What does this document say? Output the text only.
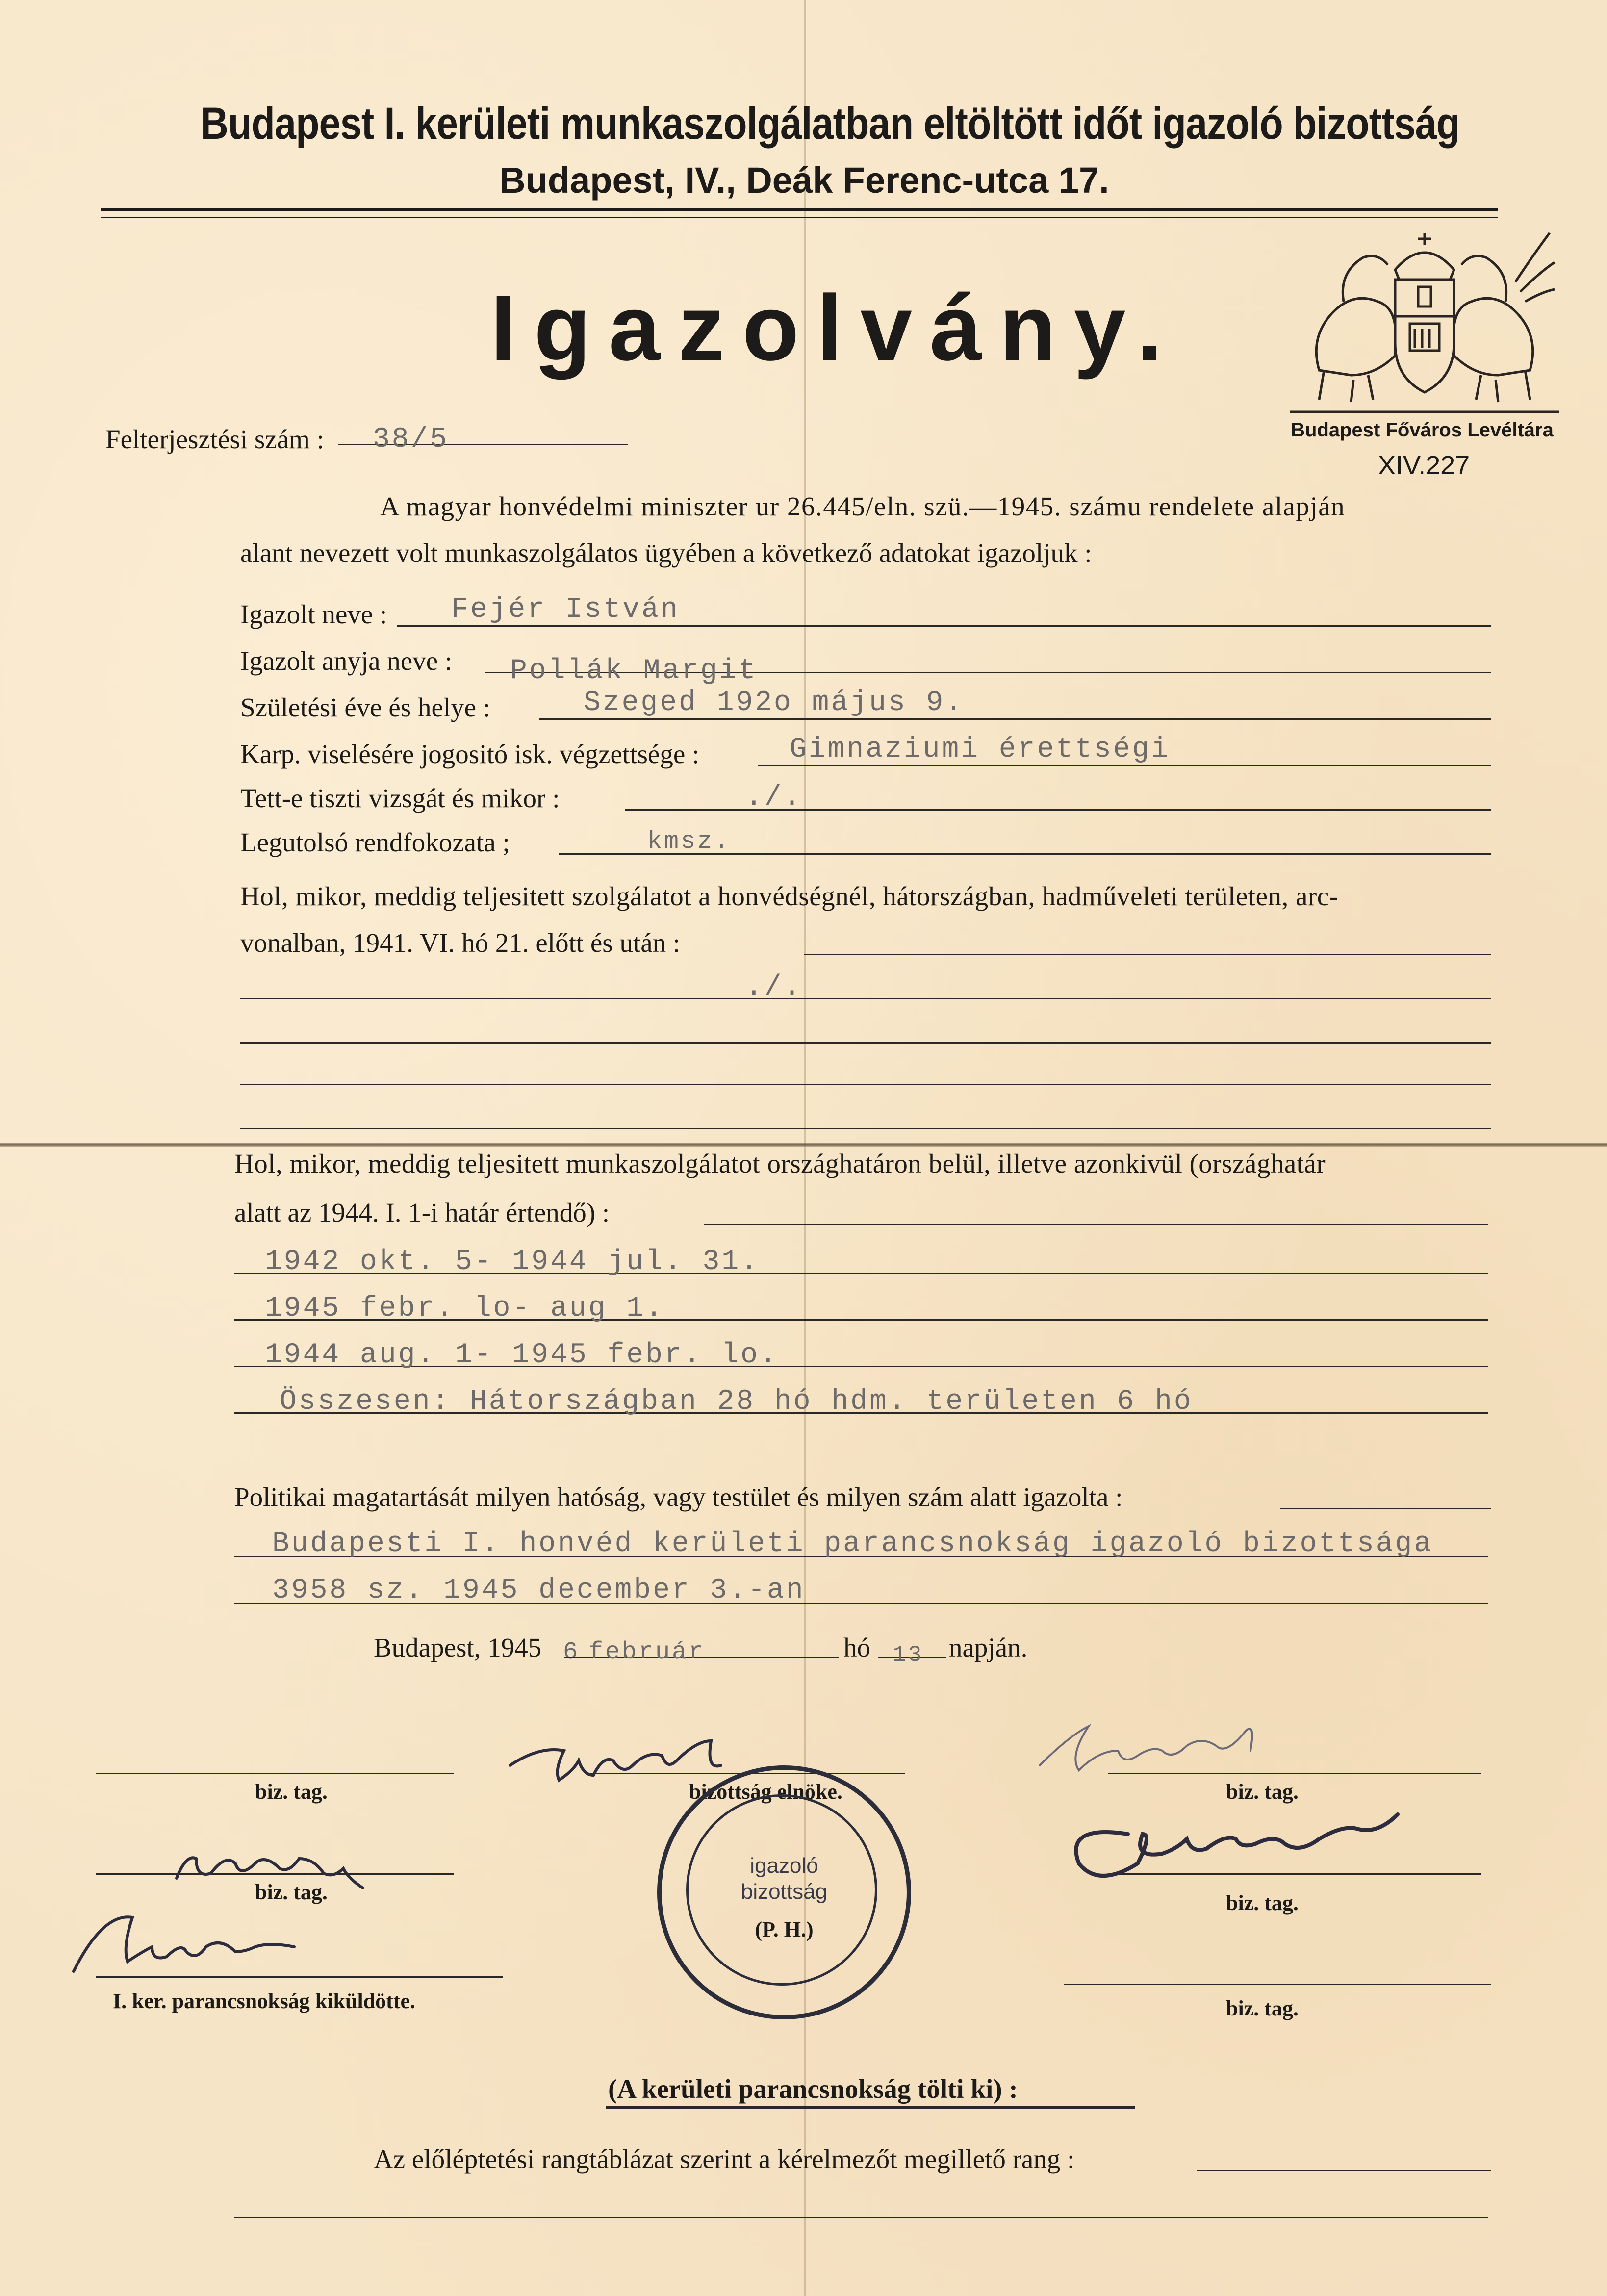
Budapest I. kerületi munkaszolgálatban eltöltött időt igazoló bizottság
Budapest, IV., Deák Ferenc-utca 17.
Igazolvány.
Budapest Főváros Levéltára
XIV.227
Felterjesztési szám : 38/5
A magyar honvédelmi miniszter ur 26.445/eln. szü.—1945. számu rendelete alapján
alant nevezett volt munkaszolgálatos ügyében a következő adatokat igazoljuk :
Igazolt neve : Fejér István
Igazolt anyja neve : Pollák Margit
Születési éve és helye :	Szeged 192o május 9.
Karp. viselésére jogositó isk. végzettsége :	Gimnaziumi érettségi
Tett-e tiszti vizsgát és mikor :	./.
Legutolsó rendfokozata ;	kmsz.
Hol, mikor, meddig teljesitett szolgálatot a honvédségnél, hátországban, hadműveleti területen, arc-
vonalban, 1941. VI. hó 21. előtt és után :
./.
Hol, mikor, meddig teljesitett munkaszolgálatot országhatáron belül, illetve azonkivül (országhatár
alatt az 1944. I. 1-i határ értendő) :
1942 okt. 5- 1944 jul. 31.
1945 febr. lo- aug 1.
1944 aug. 1- 1945 febr. lo.
Összesen: Hátországban 28 hó hdm. területen 6 hó
Politikai magatartását milyen hatóság, vagy testület és milyen szám alatt igazolta :
Budapesti I. honvéd kerületi parancsnokság igazoló bizottsága
3958 sz. 1945 december 3.-an
Budapest, 1945 6 február	hó 13 napján.
biz. tag.	bizottság elnöke.	biz. tag.
biz. tag.	biz. tag.
I. ker. parancsnokság kiküldötte.	biz. tag.
igazoló bizottság
(P. H.)
(A kerületi parancsnokság tölti ki) :
Az előléptetési rangtáblázat szerint a kérelmezőt megillető rang :
